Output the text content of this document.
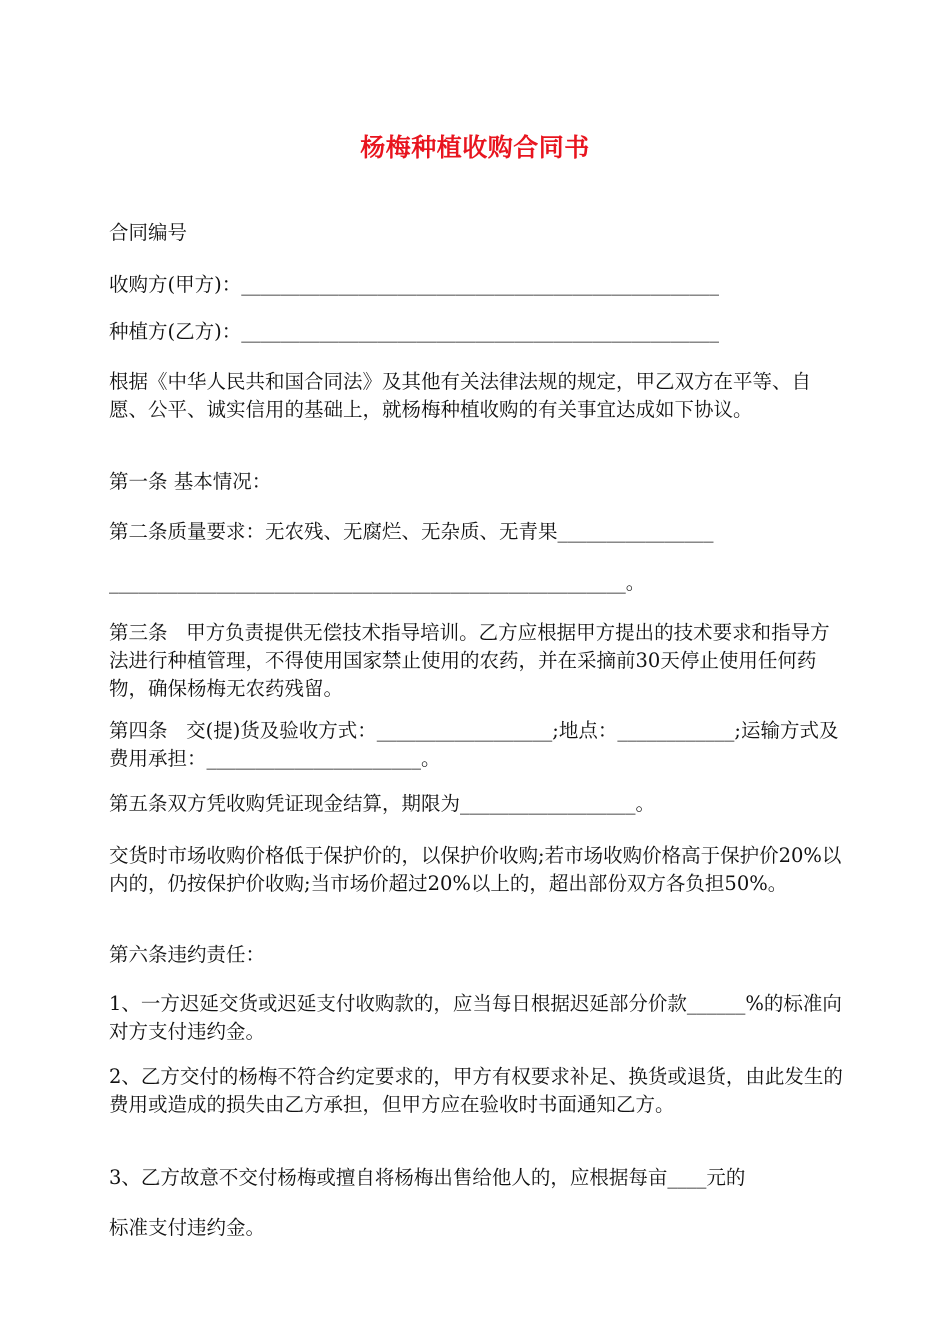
杨梅种植收购合同书
合同编号
收购方(甲方)：_________________________________________________
种植方(乙方)：_________________________________________________
根据《中华人民共和国合同法》及其他有关法律法规的规定，甲乙双方在平等、自愿、公平、诚实信用的基础上，就杨梅种植收购的有关事宜达成如下协议。
第一条 基本情况：
第二条质量要求：无农残、无腐烂、无杂质、无青果________________
_____________________________________________________。
第三条   甲方负责提供无偿技术指导培训。乙方应根据甲方提出的技术要求和指导方法进行种植管理，不得使用国家禁止使用的农药，并在采摘前30天停止使用任何药物，确保杨梅无农药残留。
第四条   交(提)货及验收方式：__________________;地点：____________;运输方式及费用承担：______________________。
第五条双方凭收购凭证现金结算，期限为__________________。
交货时市场收购价格低于保护价的，以保护价收购;若市场收购价格高于保护价20%以内的，仍按保护价收购;当市场价超过20%以上的，超出部份双方各负担50%。
第六条违约责任：
1、一方迟延交货或迟延支付收购款的，应当每日根据迟延部分价款______%的标准向对方支付违约金。
2、乙方交付的杨梅不符合约定要求的，甲方有权要求补足、换货或退货，由此发生的费用或造成的损失由乙方承担，但甲方应在验收时书面通知乙方。
3、乙方故意不交付杨梅或擅自将杨梅出售给他人的，应根据每亩____元的
标准支付违约金。
